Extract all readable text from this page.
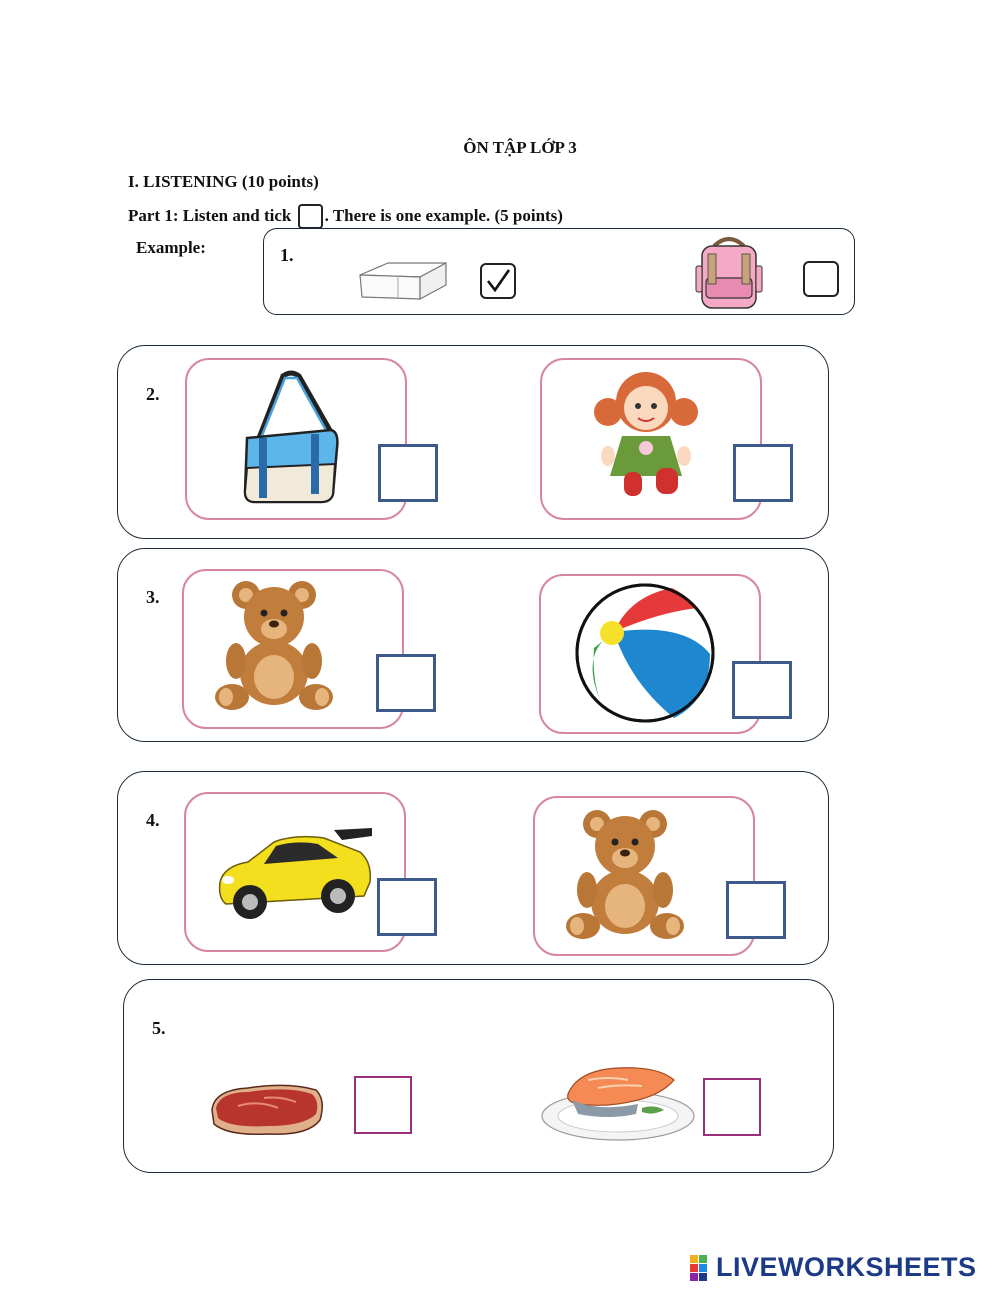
ÔN TẬP LỚP 3
I. LISTENING (10 points)
Part 1: Listen and tick

. There is one example. (5 points)
Example:	1.
2.
3.
4.
5.
LIVEWORKSHEETS
